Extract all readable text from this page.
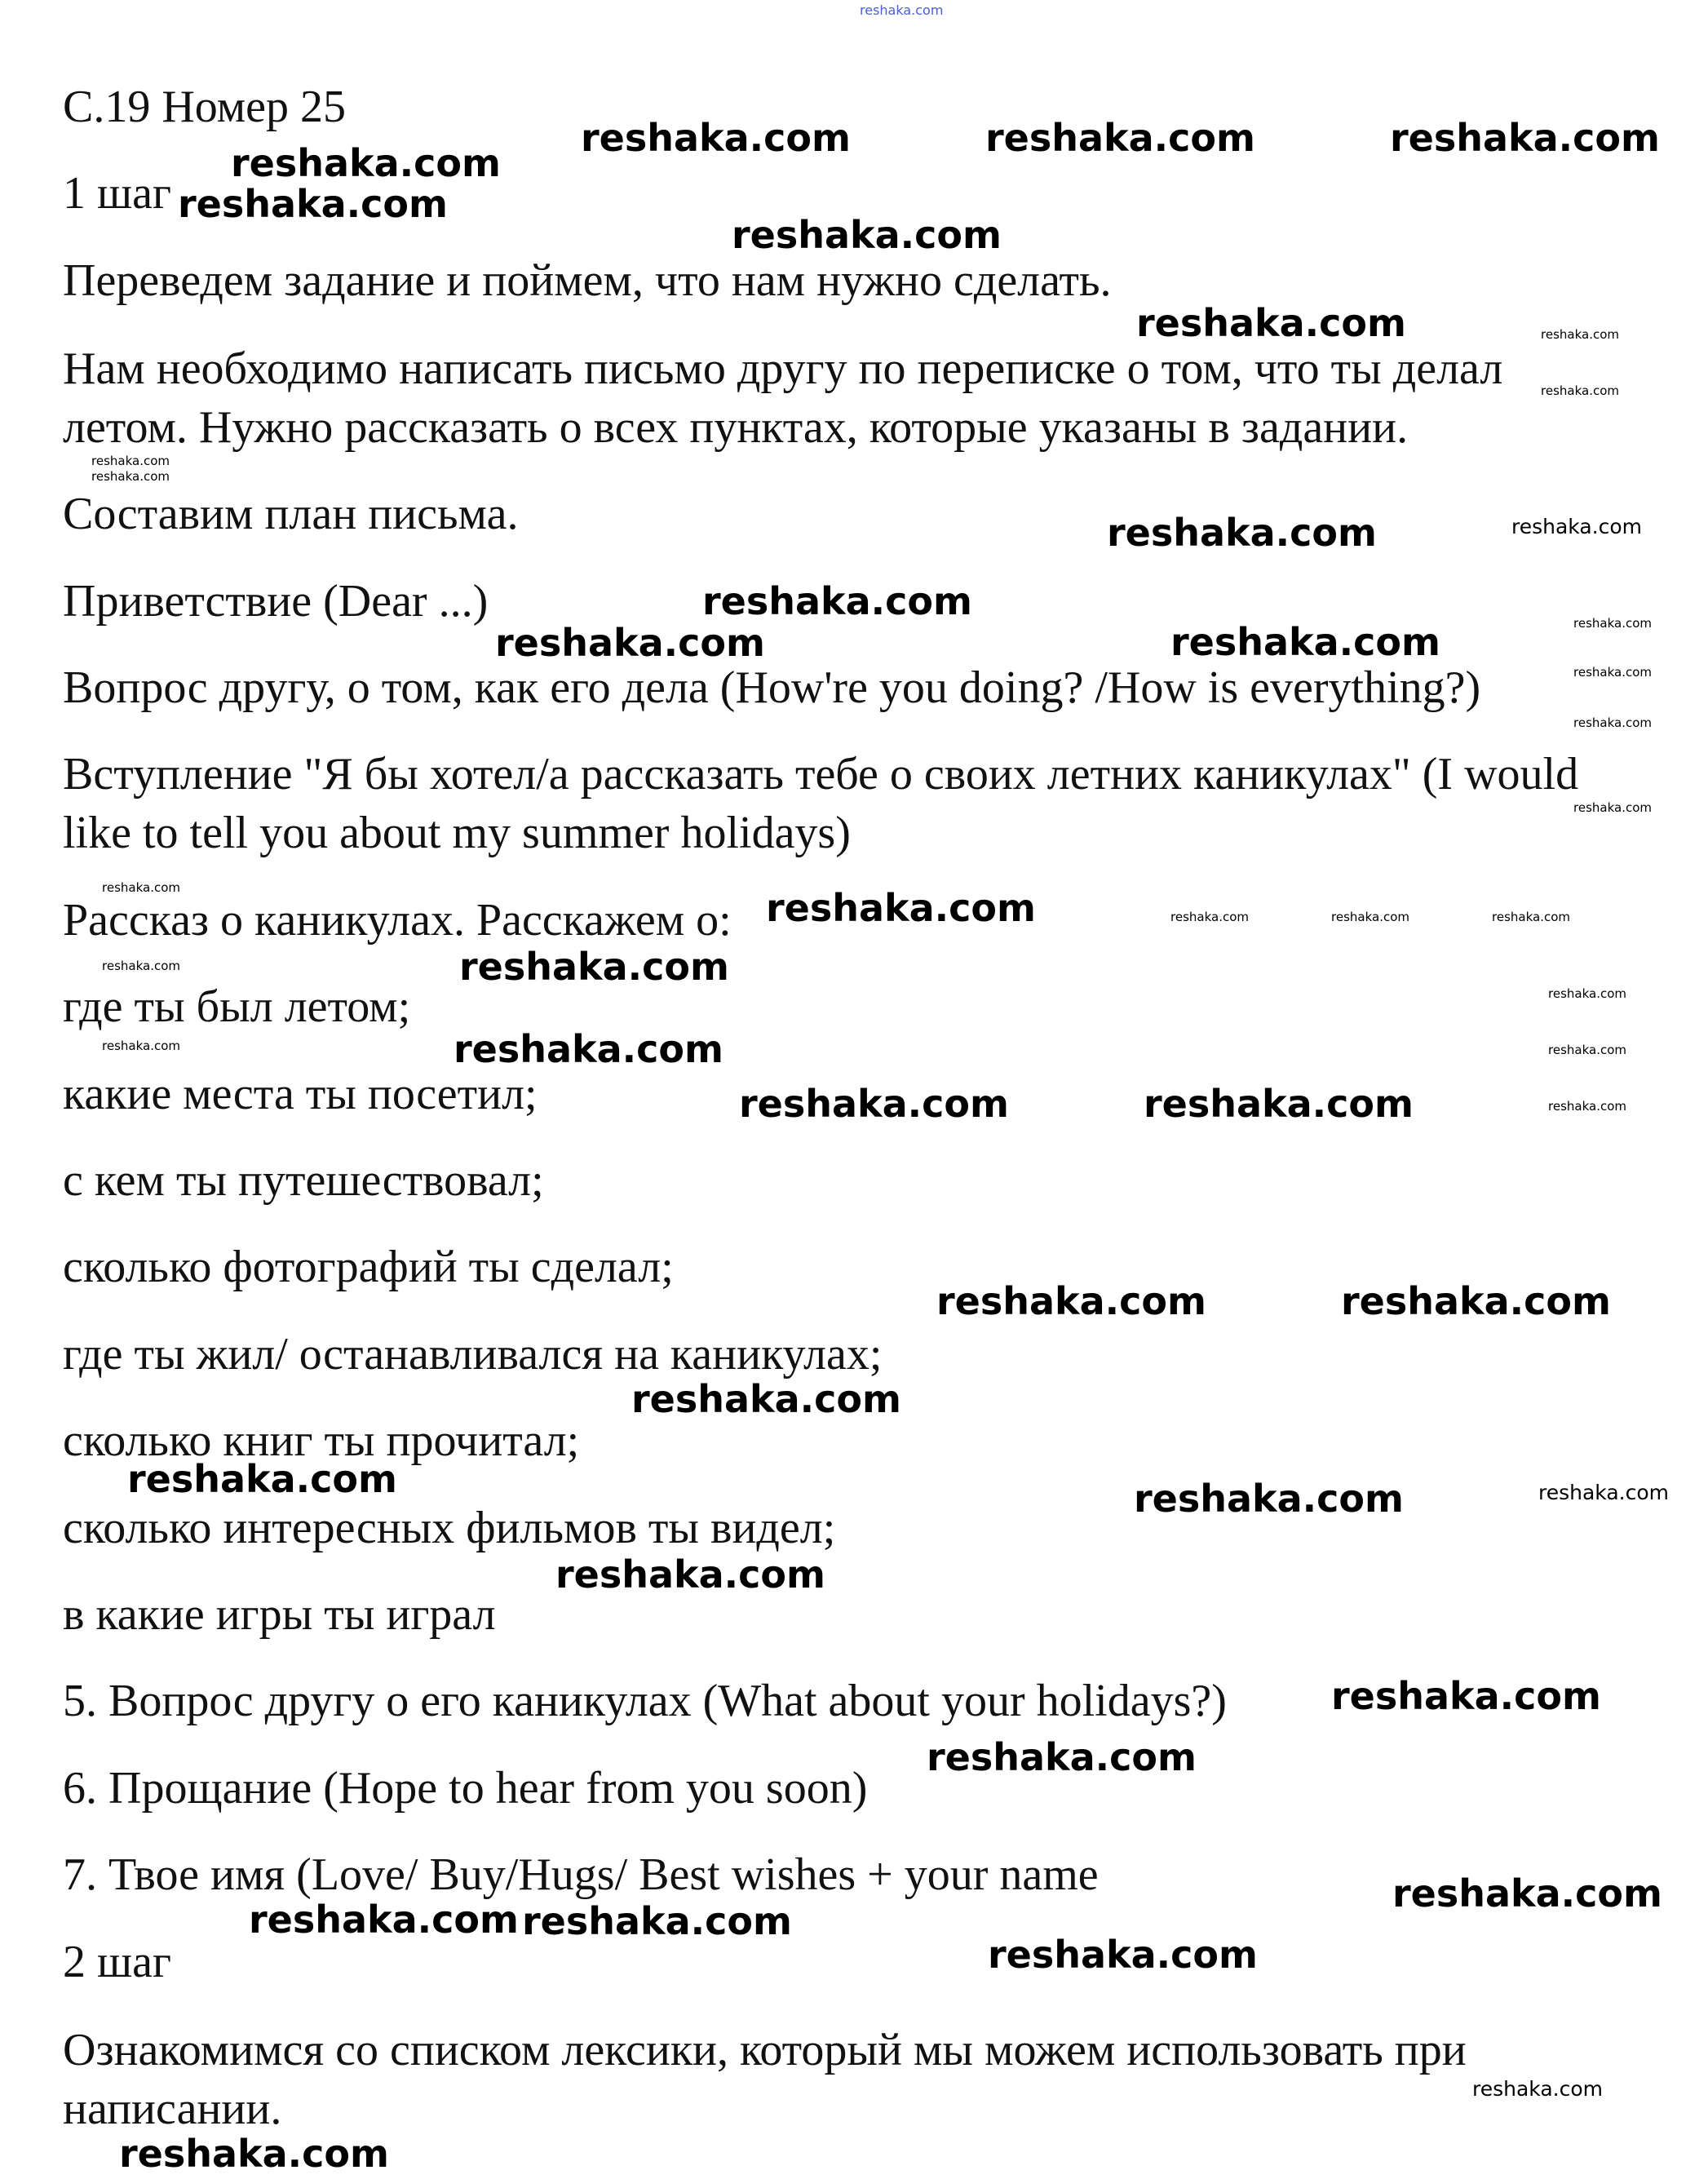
С.19 Номер 25
1 шаг
Переведем задание и поймем, что нам нужно сделать.
Нам необходимо написать письмо другу по переписке о том, что ты делал
летом. Нужно рассказать о всех пунктах, которые указаны в задании.
Составим план письма.
Приветствие (Dear ...)
Вопрос другу, о том, как его дела (How're you doing? /How is everything?)
Вступление "Я бы хотел/а рассказать тебе о своих летних каникулах" (I would
like to tell you about my summer holidays)
Рассказ о каникулах. Расскажем о:
где ты был летом;
какие места ты посетил;
с кем ты путешествовал;
сколько фотографий ты сделал;
где ты жил/ останавливался на каникулах;
сколько книг ты прочитал;
сколько интересных фильмов ты видел;
в какие игры ты играл
5. Вопрос другу о его каникулах (What about your holidays?)
6. Прощание (Hope to hear from you soon)
7. Твое имя (Love/ Buy/Hugs/ Best wishes + your name
2 шаг
Ознакомимся со списком лексики, который мы можем использовать при
написании.
reshaka.com
reshaka.com	reshaka.com	reshaka.com
reshaka.com
reshaka.com
reshaka.com
reshaka.com
reshaka.com
reshaka.com
reshaka.com
reshaka.com
reshaka.com
reshaka.com
reshaka.com	reshaka.com
reshaka.com
reshaka.com
reshaka.com	reshaka.com
reshaka.com	reshaka.com
reshaka.com
reshaka.com
reshaka.com
reshaka.com
reshaka.com
reshaka.com
reshaka.com
reshaka.com
reshaka.com
reshaka.com
reshaka.com
reshaka.com
reshaka.com
reshaka.com
reshaka.com
reshaka.com
reshaka.com
reshaka.com
reshaka.com	reshaka.com	reshaka.com
reshaka.com
reshaka.com
reshaka.com	reshaka.com
reshaka.com
reshaka.com
reshaka.com
